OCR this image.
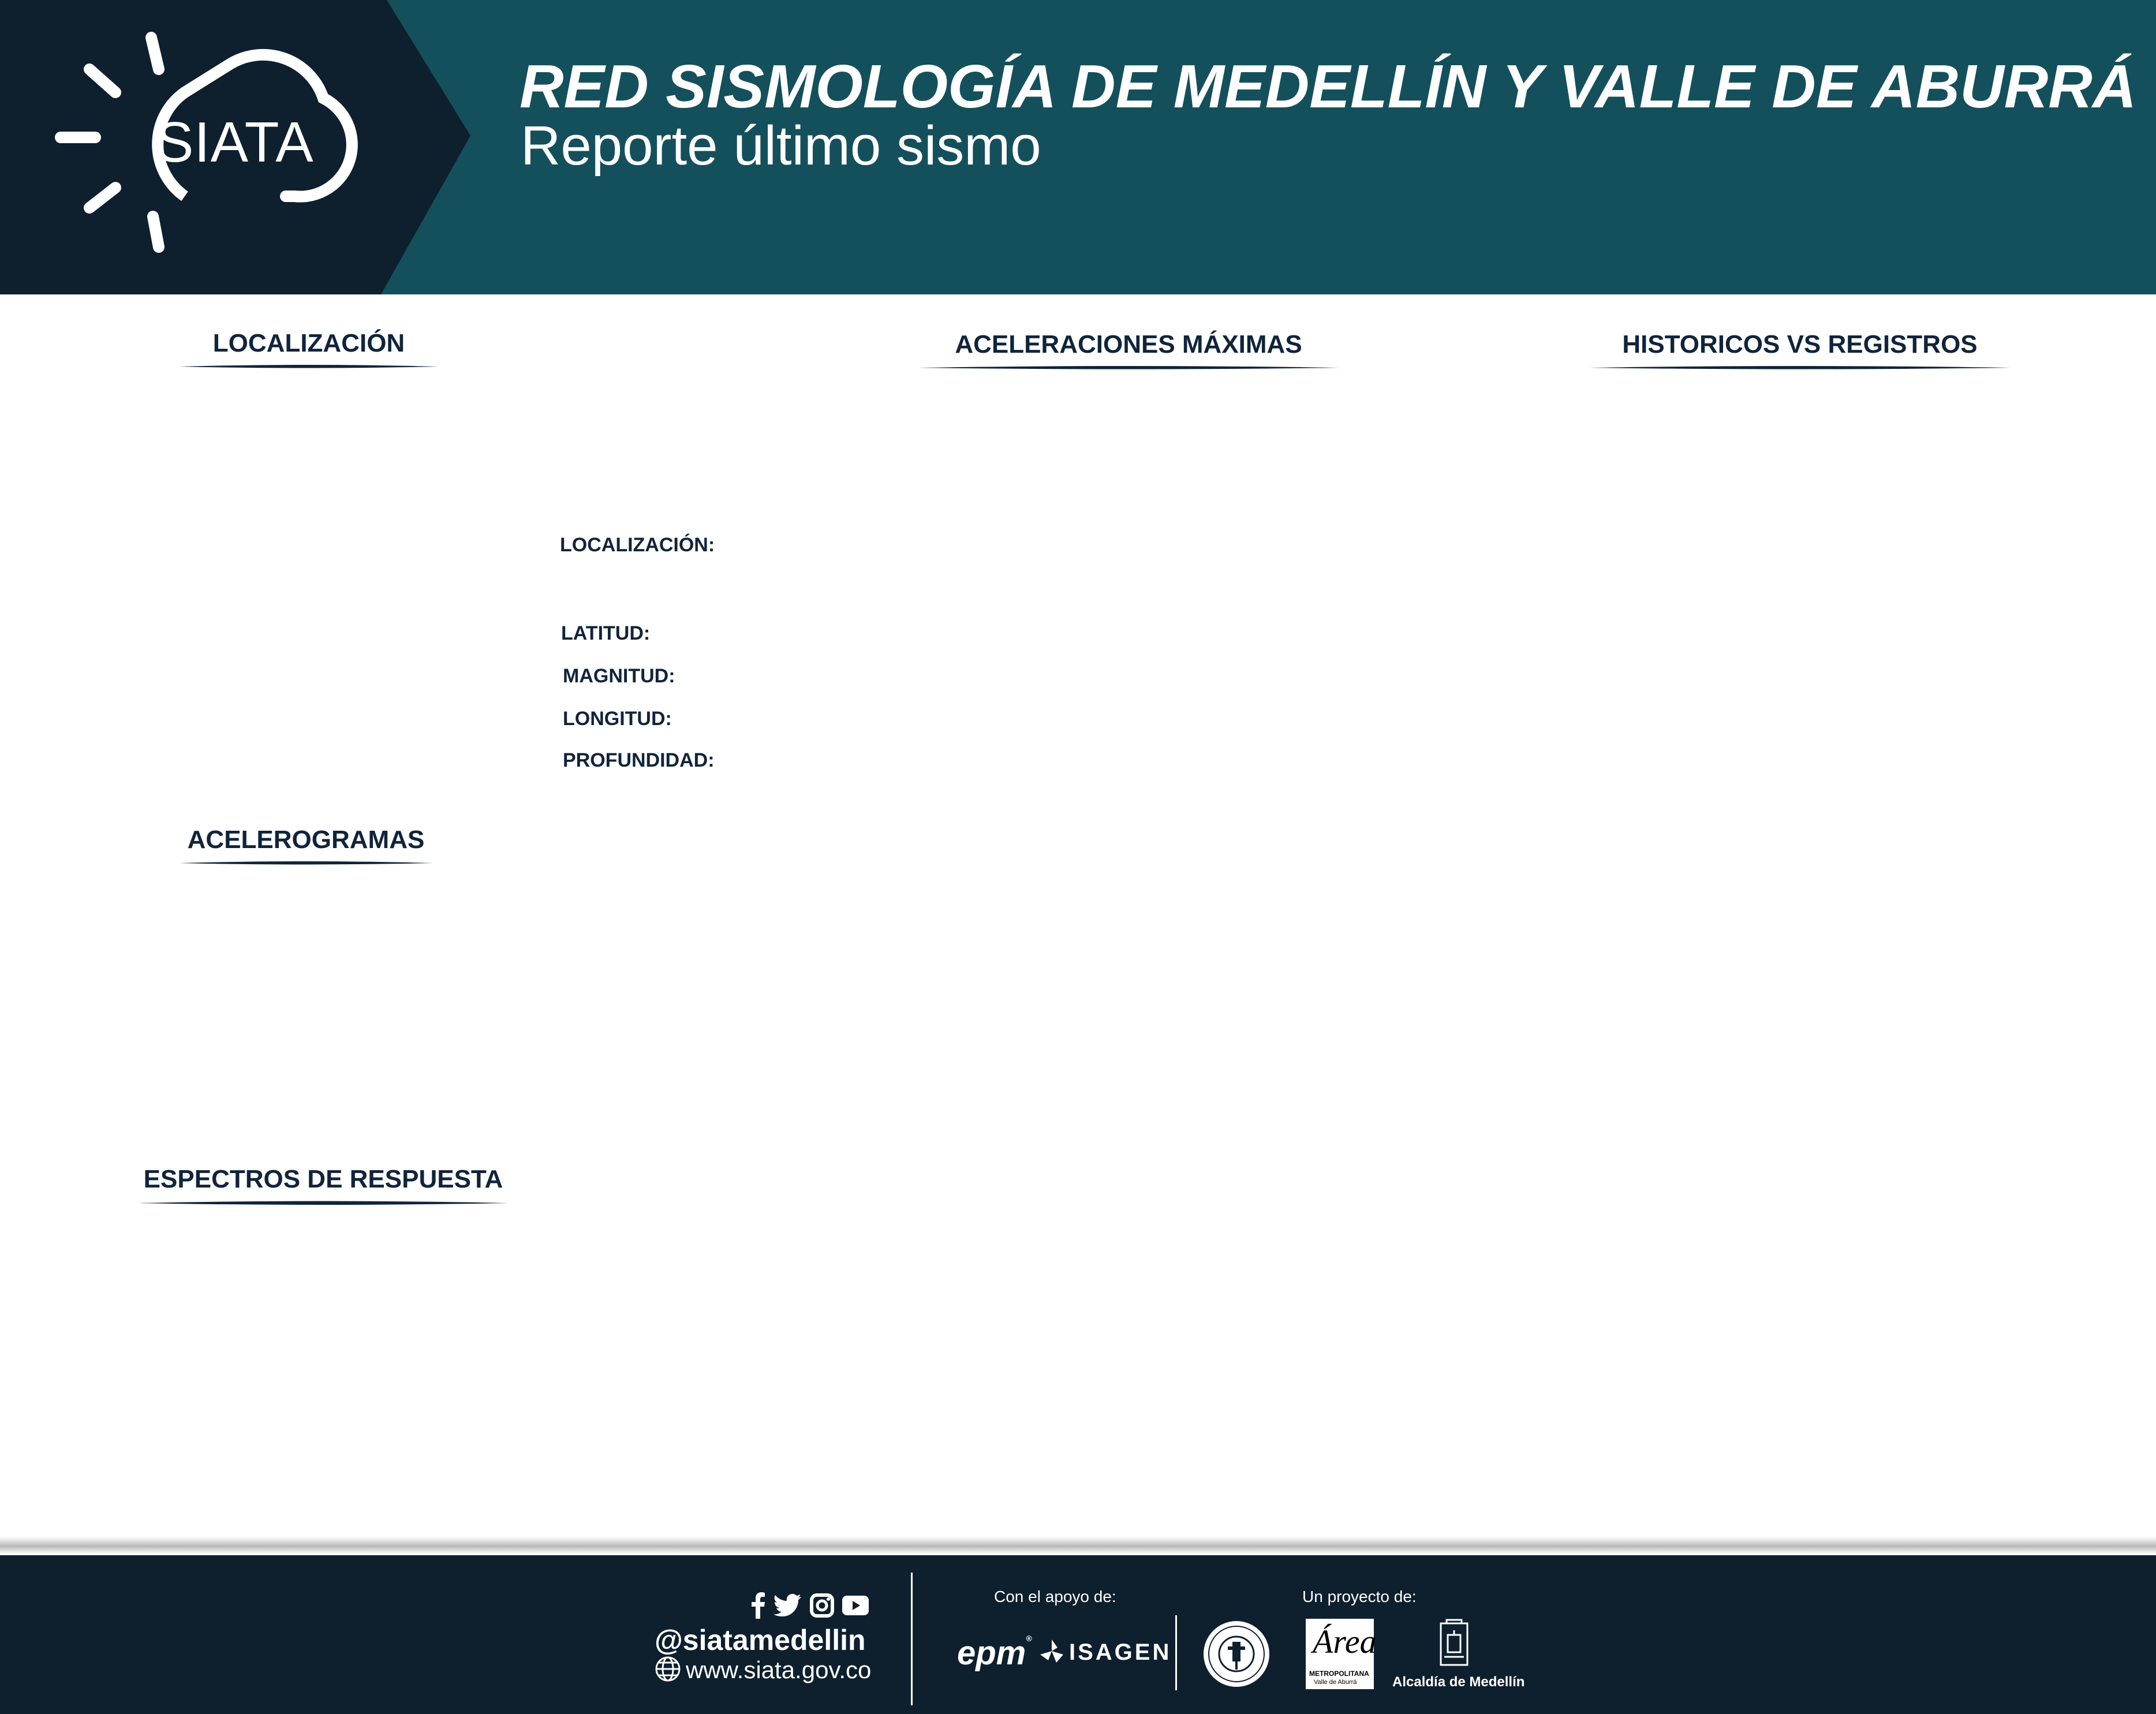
SIATA
RED SISMOLOGÍA DE MEDELLÍN Y VALLE DE ABURRÁ
Reporte último sismo
LOCALIZACIÓN	ACELERACIONES MÁXIMAS	HISTORICOS VS REGISTROS
ACELEROGRAMAS
ESPECTROS DE RESPUESTA
LOCALIZACIÓN:
LATITUD:
MAGNITUD:
LONGITUD:
PROFUNDIDAD:

@siatamedellin
www.siata.gov.co
Con el apoyo de:
epm®
ISAGEN
Un proyecto de:
Área
METROPOLITANA
Valle de Aburrá	Alcaldía de Medellín
